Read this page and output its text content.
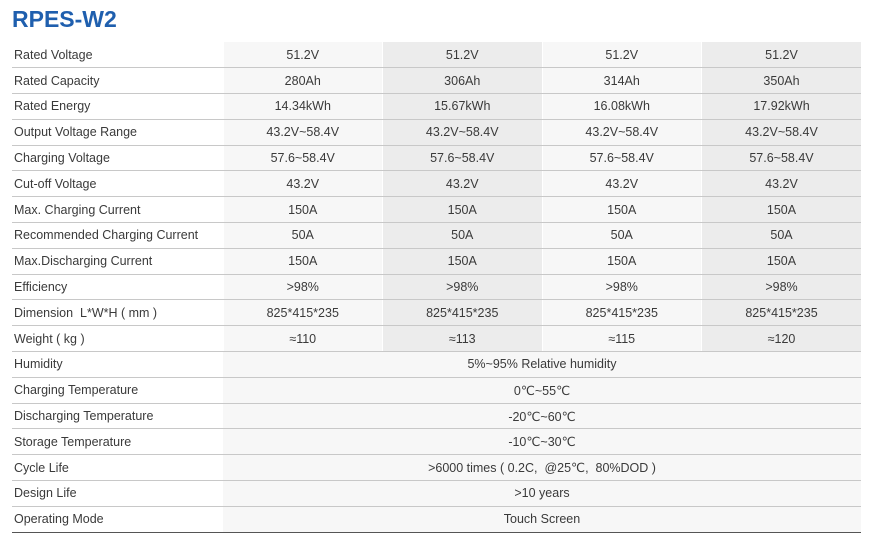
RPES-W2
Rated Voltage	51.2V	51.2V	51.2V	51.2V
Rated Capacity	280Ah	306Ah	314Ah	350Ah
Rated Energy	14.34kWh	15.67kWh	16.08kWh	17.92kWh
Output Voltage Range	43.2V~58.4V	43.2V~58.4V	43.2V~58.4V	43.2V~58.4V
Charging Voltage	57.6~58.4V	57.6~58.4V	57.6~58.4V	57.6~58.4V
Cut-off Voltage	43.2V	43.2V	43.2V	43.2V
Max. Charging Current	150A	150A	150A	150A
Recommended Charging Current	50A	50A	50A	50A
Max.Discharging Current	150A	150A	150A	150A
Efficiency	>98%	>98%	>98%	>98%
Dimension  L*W*H ( mm )	825*415*235	825*415*235	825*415*235	825*415*235
Weight ( kg )	≈110	≈113	≈115	≈120
Humidity	5%~95% Relative humidity			
Charging Temperature	0℃~55℃			
Discharging Temperature	-20℃~60℃			
Storage Temperature	-10℃~30℃			
Cycle Life	>6000 times ( 0.2C,  @25℃,  80%DOD )			
Design Life	>10 years			
Operating Mode	Touch Screen			
